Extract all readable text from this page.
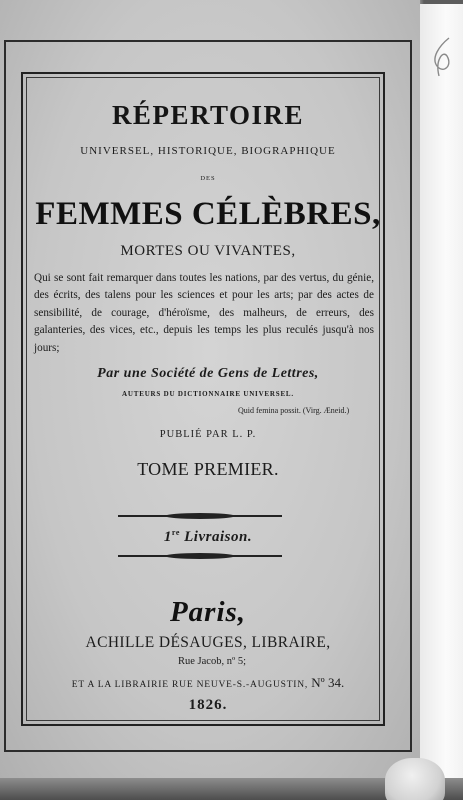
RÉPERTOIRE
UNIVERSEL, HISTORIQUE, BIOGRAPHIQUE
DES
FEMMES CÉLÈBRES,
MORTES OU VIVANTES,
Qui se sont fait remarquer dans toutes les nations, par des vertus, du génie, des écrits, des talens pour les sciences et pour les arts; par des actes de sensibilité, de courage, d'héroïsme, des malheurs, de erreurs, des galanteries, des vices, etc., depuis les temps les plus reculés jusqu'à nos jours;
Par une Société de Gens de Lettres,
AUTEURS DU DICTIONNAIRE UNIVERSEL.
Quid femina possit. (Virg. Æneid.)
PUBLIÉ PAR L. P.
TOME PREMIER.
1re Livraison.
Paris,
ACHILLE DÉSAUGES, LIBRAIRE,
Rue Jacob, nº 5;
ET A LA LIBRAIRIE RUE NEUVE-S.-AUGUSTIN, Nº 34.
1826.
